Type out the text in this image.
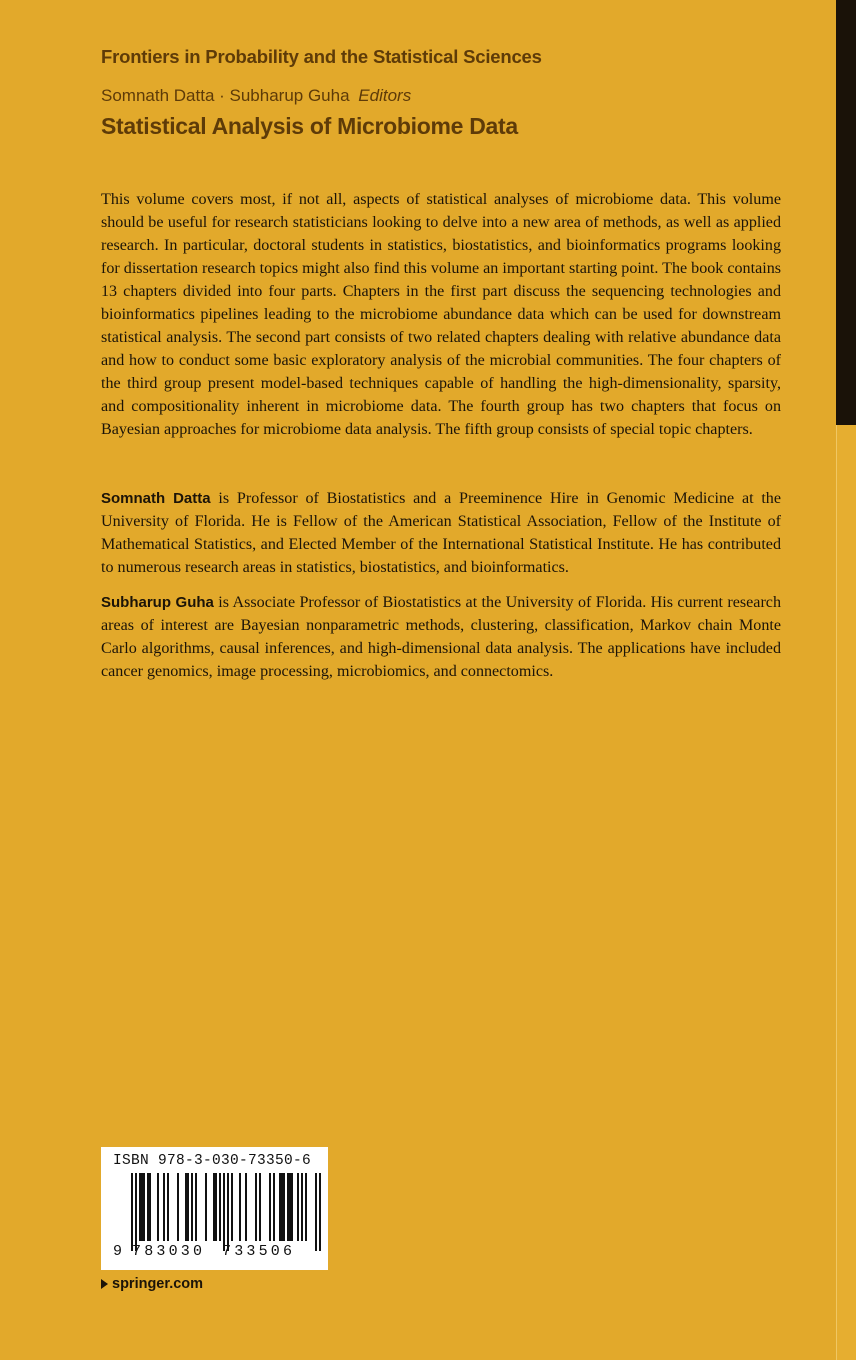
Frontiers in Probability and the Statistical Sciences
Somnath Datta · Subharup Guha Editors
Statistical Analysis of Microbiome Data

This volume covers most, if not all, aspects of statistical analyses of microbiome data. This volume should be useful for research statisticians looking to delve into a new area of methods, as well as applied research. In particular, doctoral students in statistics, biostatistics, and bioinformatics programs looking for dissertation research topics might also find this volume an important starting point. The book contains 13 chapters divided into four parts. Chapters in the first part discuss the sequencing technologies and bioinformatics pipelines leading to the microbiome abundance data which can be used for downstream statistical analysis. The second part consists of two related chapters dealing with relative abundance data and how to conduct some basic exploratory analysis of the microbial communities. The four chapters of the third group present model-based techniques capable of handling the high-dimensionality, sparsity, and compositionality inherent in microbiome data. The fourth group has two chapters that focus on Bayesian approaches for microbiome data analysis. The fifth group consists of special topic chapters.

Somnath Datta is Professor of Biostatistics and a Preeminence Hire in Genomic Medicine at the University of Florida. He is Fellow of the American Statistical Association, Fellow of the Institute of Mathematical Statistics, and Elected Member of the International Statistical Institute. He has contributed to numerous research areas in statistics, biostatistics, and bioinformatics.

Subharup Guha is Associate Professor of Biostatistics at the University of Florida. His current research areas of interest are Bayesian nonparametric methods, clustering, classification, Markov chain Monte Carlo algorithms, causal inferences, and high-dimensional data analysis. The applications have included cancer genomics, image processing, microbiomics, and connectomics.

ISBN 978-3-030-73350-6
9 783030 733506
springer.com
